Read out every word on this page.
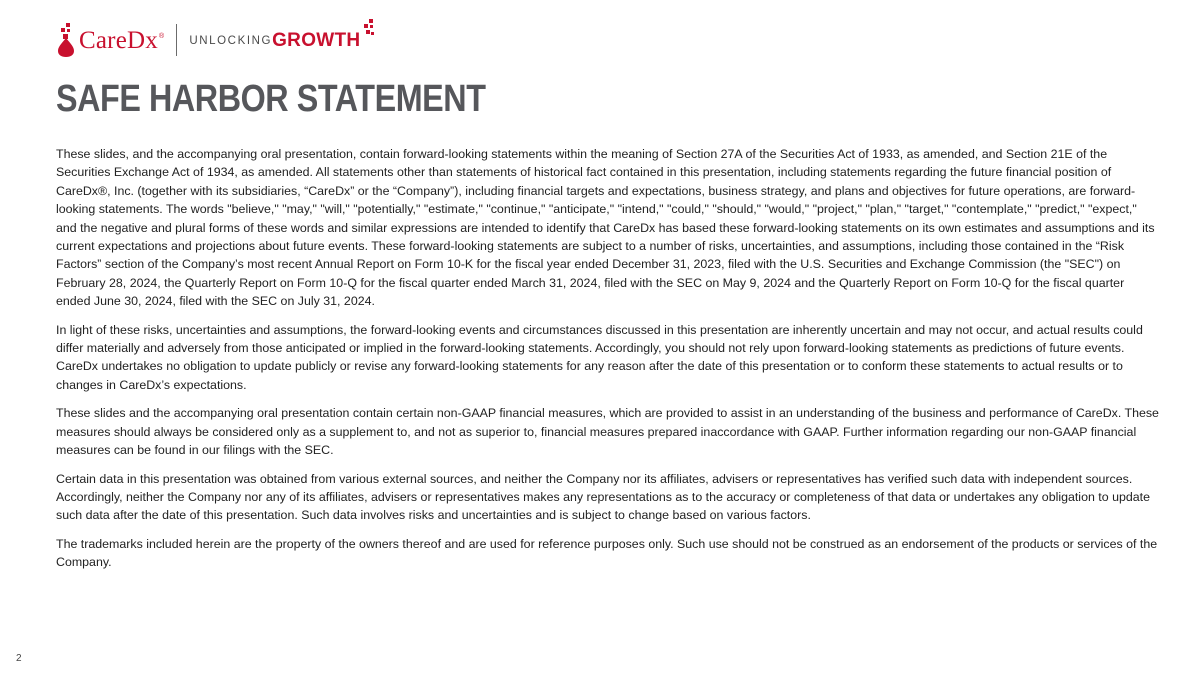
CareDx® UNLOCKING GROWTH
SAFE HARBOR STATEMENT

These slides, and the accompanying oral presentation, contain forward-looking statements within the meaning of Section 27A of the Securities Act of 1933, as amended, and Section 21E of the Securities Exchange Act of 1934, as amended. All statements other than statements of historical fact contained in this presentation, including statements regarding the future financial position of CareDx®, Inc. (together with its subsidiaries, “CareDx” or the “Company”), including financial targets and expectations, business strategy, and plans and objectives for future operations, are forward-looking statements. The words "believe," "may," "will," "potentially," "estimate," "continue," "anticipate," "intend," "could," "should," "would," "project," "plan," "target," "contemplate," "predict," "expect," and the negative and plural forms of these words and similar expressions are intended to identify that CareDx has based these forward-looking statements on its own estimates and assumptions and its current expectations and projections about future events. These forward-looking statements are subject to a number of risks, uncertainties, and assumptions, including those contained in the “Risk Factors” section of the Company’s most recent Annual Report on Form 10-K for the fiscal year ended December 31, 2023, filed with the U.S. Securities and Exchange Commission (the "SEC") on February 28, 2024, the Quarterly Report on Form 10-Q for the fiscal quarter ended March 31, 2024, filed with the SEC on May 9, 2024 and the Quarterly Report on Form 10-Q for the fiscal quarter ended June 30, 2024, filed with the SEC on July 31, 2024.

In light of these risks, uncertainties and assumptions, the forward-looking events and circumstances discussed in this presentation are inherently uncertain and may not occur, and actual results could differ materially and adversely from those anticipated or implied in the forward-looking statements. Accordingly, you should not rely upon forward-looking statements as predictions of future events. CareDx undertakes no obligation to update publicly or revise any forward-looking statements for any reason after the date of this presentation or to conform these statements to actual results or to changes in CareDx’s expectations.

These slides and the accompanying oral presentation contain certain non-GAAP financial measures, which are provided to assist in an understanding of the business and performance of CareDx. These measures should always be considered only as a supplement to, and not as superior to, financial measures prepared inaccordance with GAAP. Further information regarding our non-GAAP financial measures can be found in our filings with the SEC.

Certain data in this presentation was obtained from various external sources, and neither the Company nor its affiliates, advisers or representatives has verified such data with independent sources. Accordingly, neither the Company nor any of its affiliates, advisers or representatives makes any representations as to the accuracy or completeness of that data or undertakes any obligation to update such data after the date of this presentation. Such data involves risks and uncertainties and is subject to change based on various factors.

The trademarks included herein are the property of the owners thereof and are used for reference purposes only. Such use should not be construed as an endorsement of the products or services of the Company.

2
